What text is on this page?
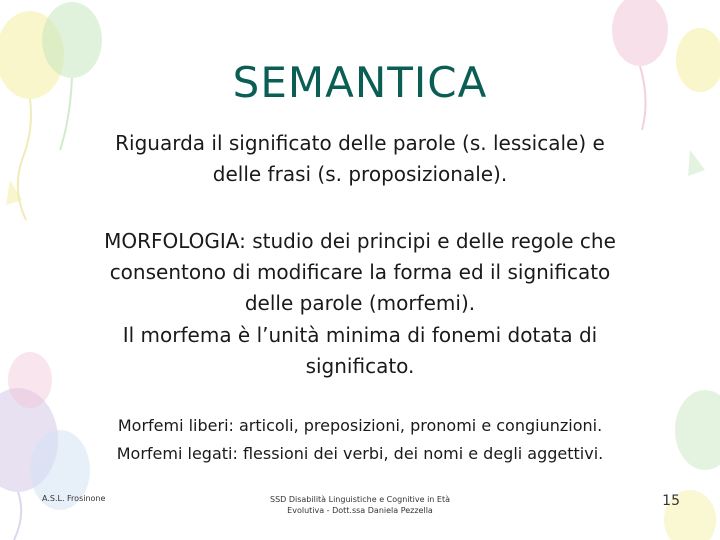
SEMANTICA
Riguarda il significato delle parole (s. lessicale) e
delle frasi (s. proposizionale).
MORFOLOGIA: studio dei principi e delle regole che
consentono di modificare la forma ed il significato
delle parole (morfemi).
Il morfema è l’unità minima di fonemi dotata di
significato.
Morfemi liberi: articoli, preposizioni, pronomi e congiunzioni.
Morfemi legati: flessioni dei verbi, dei nomi e degli aggettivi.
A.S.L. Frosinone	SSD Disabilità Linguistiche e Cognitive in Età
Evolutiva - Dott.ssa Daniela Pezzella
15
